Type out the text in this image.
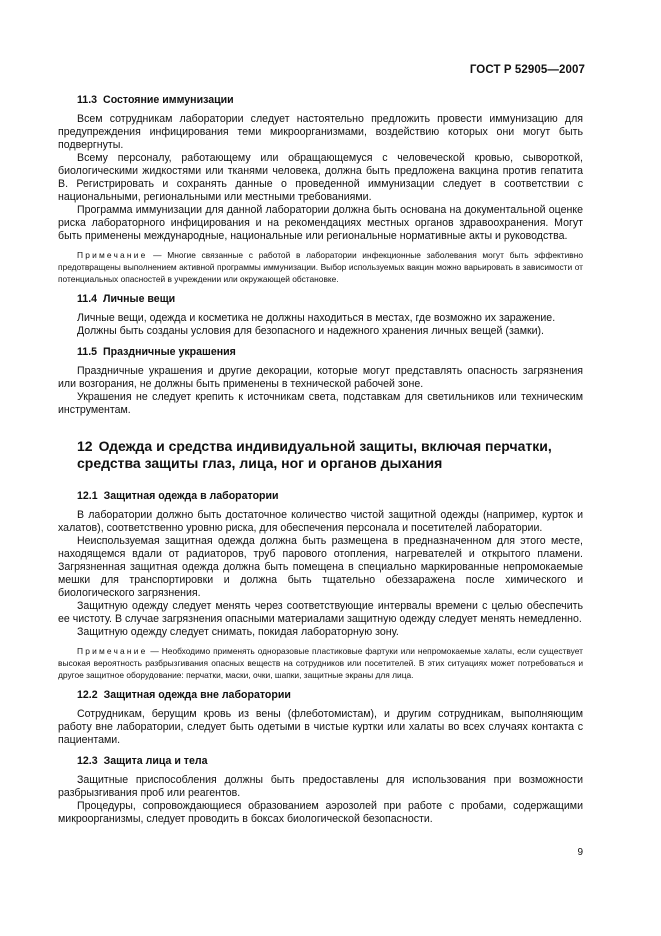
ГОСТ Р 52905—2007
11.3 Состояние иммунизации

Всем сотрудникам лаборатории следует настоятельно предложить провести иммунизацию для предупреждения инфицирования теми микроорганизмами, воздействию которых они могут быть подвергнуты.

Всему персоналу, работающему или обращающемуся с человеческой кровью, сывороткой, биологическими жидкостями или тканями человека, должна быть предложена вакцина против гепатита В. Регистрировать и сохранять данные о проведенной иммунизации следует в соответствии с национальными, региональными или местными требованиями.

Программа иммунизации для данной лаборатории должна быть основана на документальной оценке риска лабораторного инфицирования и на рекомендациях местных органов здравоохранения. Могут быть применены международные, национальные или региональные нормативные акты и руководства.

Примечание — Многие связанные с работой в лаборатории инфекционные заболевания могут быть эффективно предотвращены выполнением активной программы иммунизации. Выбор используемых вакцин можно варьировать в зависимости от потенциальных опасностей в учреждении или окружающей обстановке.

11.4 Личные вещи

Личные вещи, одежда и косметика не должны находиться в местах, где возможно их заражение.

Должны быть созданы условия для безопасного и надежного хранения личных вещей (замки).

11.5 Праздничные украшения

Праздничные украшения и другие декорации, которые могут представлять опасность загрязнения или возгорания, не должны быть применены в технической рабочей зоне.

Украшения не следует крепить к источникам света, подставкам для светильников или техническим инструментам.

12 Одежда и средства индивидуальной защиты, включая перчатки,
средства защиты глаз, лица, ног и органов дыхания
12.1 Защитная одежда в лаборатории

В лаборатории должно быть достаточное количество чистой защитной одежды (например, курток и халатов), соответственно уровню риска, для обеспечения персонала и посетителей лаборатории.

Неиспользуемая защитная одежда должна быть размещена в предназначенном для этого месте, находящемся вдали от радиаторов, труб парового отопления, нагревателей и открытого пламени. Загрязненная защитная одежда должна быть помещена в специально маркированные непромокаемые мешки для транспортировки и должна быть тщательно обеззаражена после химического и биологического загрязнения.

Защитную одежду следует менять через соответствующие интервалы времени с целью обеспечить ее чистоту. В случае загрязнения опасными материалами защитную одежду следует менять немедленно.

Защитную одежду следует снимать, покидая лабораторную зону.

Примечание — Необходимо применять одноразовые пластиковые фартуки или непромокаемые халаты, если существует высокая вероятность разбрызгивания опасных веществ на сотрудников или посетителей. В этих ситуациях может потребоваться и другое защитное оборудование: перчатки, маски, очки, шапки, защитные экраны для лица.

12.2 Защитная одежда вне лаборатории

Сотрудникам, берущим кровь из вены (флеботомистам), и другим сотрудникам, выполняющим работу вне лаборатории, следует быть одетыми в чистые куртки или халаты во всех случаях контакта с пациентами.

12.3 Защита лица и тела

Защитные приспособления должны быть предоставлены для использования при возможности разбрызгивания проб или реагентов.

Процедуры, сопровождающиеся образованием аэрозолей при работе с пробами, содержащими микроорганизмы, следует проводить в боксах биологической безопасности.

9
